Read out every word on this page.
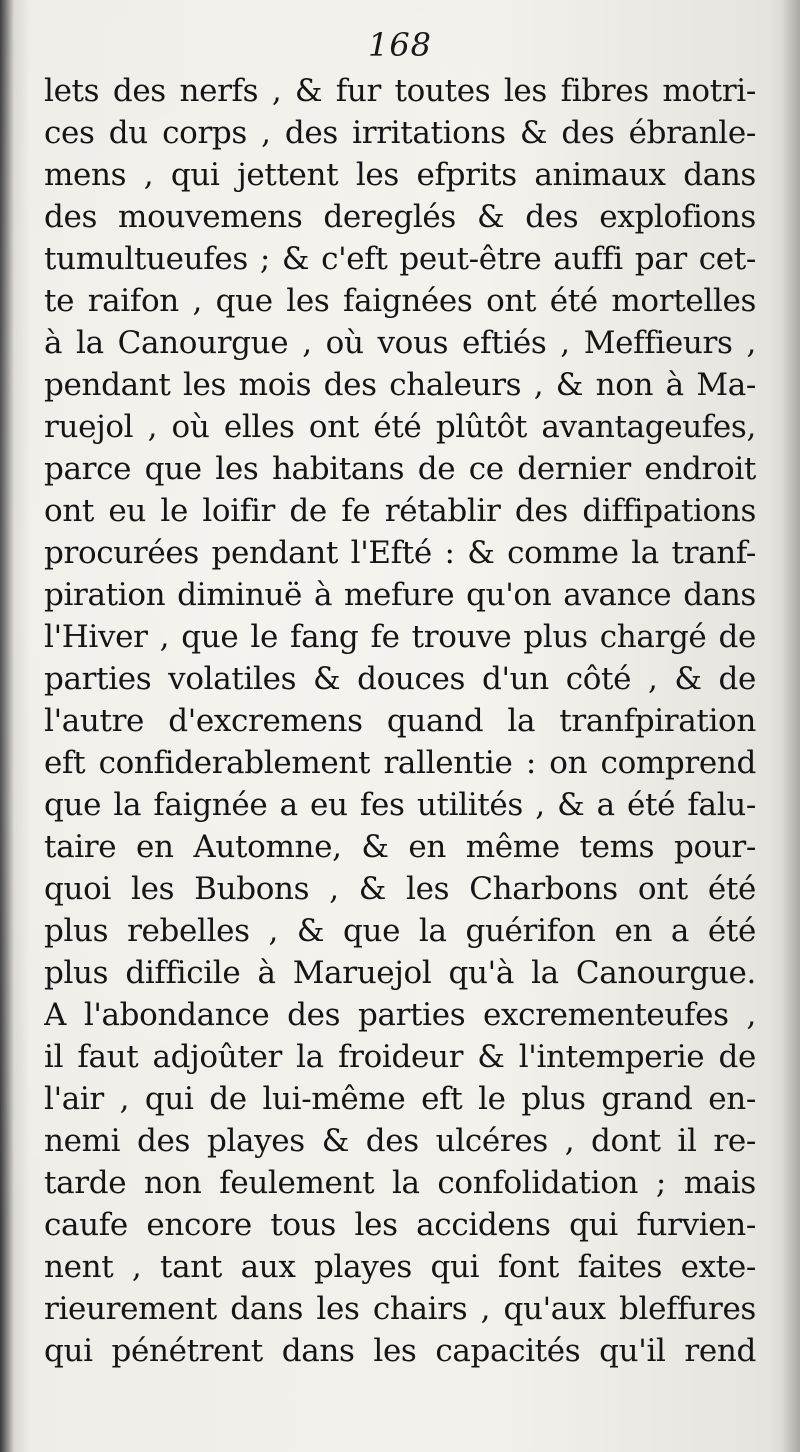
168
lets des nerfs , & fur toutes les fibres motri-
ces du corps , des irritations & des ébranle-
mens , qui jettent les efprits animaux dans
des mouvemens dereglés & des explofions
tumultueufes ; & c'eft peut-être auffi par cet-
te raifon , que les faignées ont été mortelles
à la Canourgue , où vous eftiés , Meffieurs ,
pendant les mois des chaleurs , & non à Ma-
ruejol , où elles ont été plûtôt avantageufes,
parce que les habitans de ce dernier endroit
ont eu le loifir de fe rétablir des diffipations
procurées pendant l'Efté : & comme la tranf-
piration diminuë à mefure qu'on avance dans
l'Hiver , que le fang fe trouve plus chargé de
parties volatiles & douces d'un côté , & de
l'autre d'excremens quand la tranfpiration
eft confiderablement rallentie : on comprend
que la faignée a eu fes utilités , & a été falu-
taire en Automne, & en même tems pour-
quoi les Bubons , & les Charbons ont été
plus rebelles , & que la guérifon en a été
plus difficile à Maruejol qu'à la Canourgue.
A l'abondance des parties excrementeufes ,
il faut adjoûter la froideur & l'intemperie de
l'air , qui de lui-même eft le plus grand en-
nemi des playes & des ulcéres , dont il re-
tarde non feulement la confolidation ; mais
caufe encore tous les accidens qui furvien-
nent , tant aux playes qui font faites exte-
rieurement dans les chairs , qu'aux bleffures
qui pénétrent dans les capacités qu'il rend
